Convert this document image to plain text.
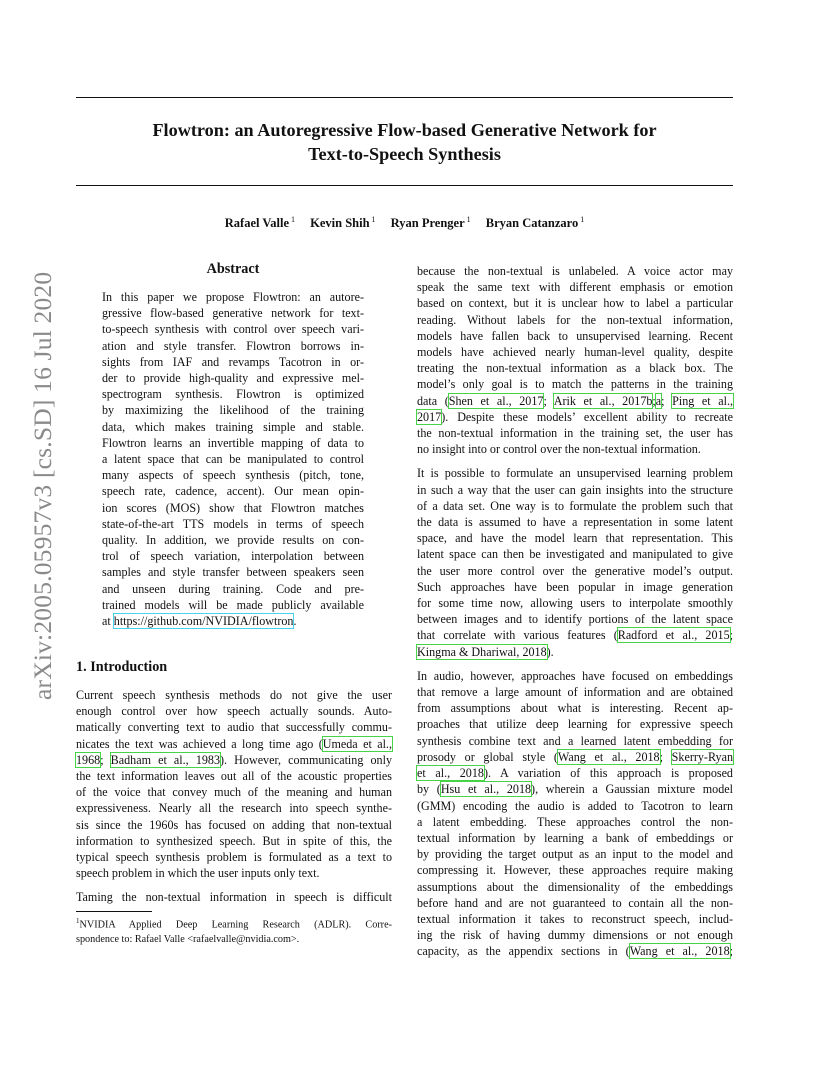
arXiv:2005.05957v3 [cs.SD] 16 Jul 2020
Flowtron: an Autoregressive Flow-based Generative Network for
Text-to-Speech Synthesis
Rafael Valle $^1$ Kevin Shih $^1$ Ryan Prenger $^1$ Bryan Catanzaro $^1$
Abstract
In this paper we propose Flowtron: an autore-
gressive flow-based generative network for text-
to-speech synthesis with control over speech vari-
ation and style transfer. Flowtron borrows in-
sights from IAF and revamps Tacotron in or-
der to provide high-quality and expressive mel-
spectrogram synthesis. Flowtron is optimized
by maximizing the likelihood of the training
data, which makes training simple and stable.
Flowtron learns an invertible mapping of data to
a latent space that can be manipulated to control
many aspects of speech synthesis (pitch, tone,
speech rate, cadence, accent). Our mean opin-
ion scores (MOS) show that Flowtron matches
state-of-the-art TTS models in terms of speech
quality. In addition, we provide results on con-
trol of speech variation, interpolation between
samples and style transfer between speakers seen
and unseen during training. Code and pre-
trained models will be made publicly available
at https://github.com/NVIDIA/flowtron.
1. Introduction
Current speech synthesis methods do not give the user
enough control over how speech actually sounds. Auto-
matically converting text to audio that successfully commu-
nicates the text was achieved a long time ago (Umeda et al.,
1968; Badham et al., 1983). However, communicating only
the text information leaves out all of the acoustic properties
of the voice that convey much of the meaning and human
expressiveness. Nearly all the research into speech synthe-
sis since the 1960s has focused on adding that non-textual
information to synthesized speech. But in spite of this, the
typical speech synthesis problem is formulated as a text to
speech problem in which the user inputs only text.
Taming the non-textual information in speech is difficult
$^1$NVIDIA Applied Deep Learning Research (ADLR). Corre-
spondence to: Rafael Valle <rafaelvalle@nvidia.com>.
because the non-textual is unlabeled. A voice actor may
speak the same text with different emphasis or emotion
based on context, but it is unclear how to label a particular
reading. Without labels for the non-textual information,
models have fallen back to unsupervised learning. Recent
models have achieved nearly human-level quality, despite
treating the non-textual information as a black box. The
model’s only goal is to match the patterns in the training
data (Shen et al., 2017; Arik et al., 2017b;a; Ping et al.,
2017). Despite these models’ excellent ability to recreate
the non-textual information in the training set, the user has
no insight into or control over the non-textual information.
It is possible to formulate an unsupervised learning problem
in such a way that the user can gain insights into the structure
of a data set. One way is to formulate the problem such that
the data is assumed to have a representation in some latent
space, and have the model learn that representation. This
latent space can then be investigated and manipulated to give
the user more control over the generative model’s output.
Such approaches have been popular in image generation
for some time now, allowing users to interpolate smoothly
between images and to identify portions of the latent space
that correlate with various features (Radford et al., 2015;
Kingma & Dhariwal, 2018).
In audio, however, approaches have focused on embeddings
that remove a large amount of information and are obtained
from assumptions about what is interesting. Recent ap-
proaches that utilize deep learning for expressive speech
synthesis combine text and a learned latent embedding for
prosody or global style (Wang et al., 2018; Skerry-Ryan
et al., 2018). A variation of this approach is proposed
by (Hsu et al., 2018), wherein a Gaussian mixture model
(GMM) encoding the audio is added to Tacotron to learn
a latent embedding. These approaches control the non-
textual information by learning a bank of embeddings or
by providing the target output as an input to the model and
compressing it. However, these approaches require making
assumptions about the dimensionality of the embeddings
before hand and are not guaranteed to contain all the non-
textual information it takes to reconstruct speech, includ-
ing the risk of having dummy dimensions or not enough
capacity, as the appendix sections in (Wang et al., 2018;
